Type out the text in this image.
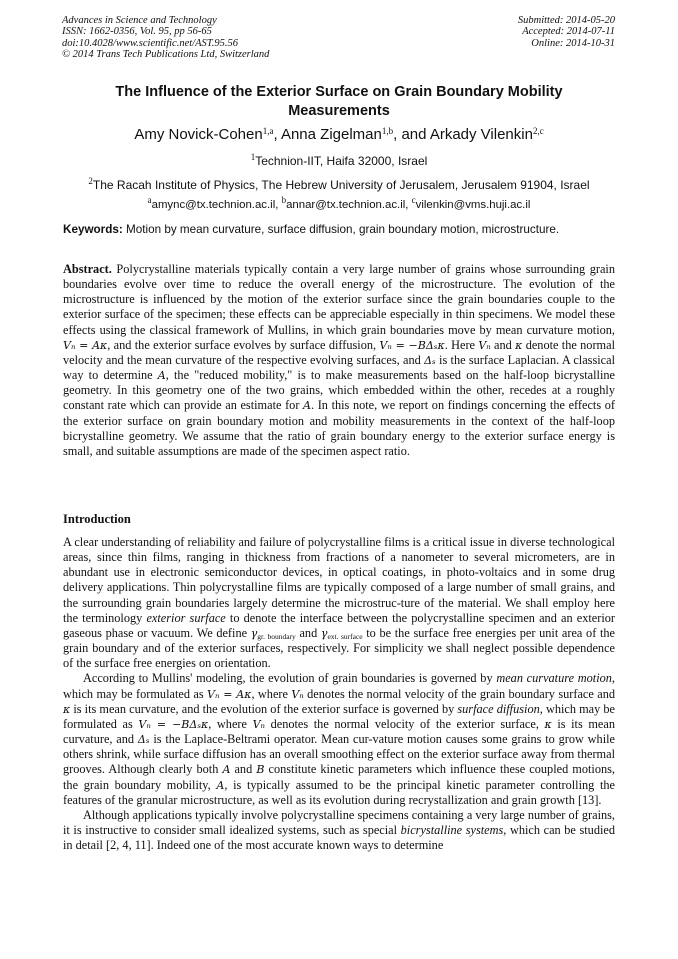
Advances in Science and Technology
ISSN: 1662-0356, Vol. 95, pp 56-65
doi:10.4028/www.scientific.net/AST.95.56
© 2014 Trans Tech Publications Ltd, Switzerland
Submitted: 2014-05-20
Accepted: 2014-07-11
Online: 2014-10-31
The Influence of the Exterior Surface on Grain Boundary Mobility
Measurements
Amy Novick-Cohen$^{1,a}$, Anna Zigelman$^{1,b}$, and Arkady Vilenkin$^{2,c}$
$^1$Technion-IIT, Haifa 32000, Israel
$^2$The Racah Institute of Physics, The Hebrew University of Jerusalem, Jerusalem 91904, Israel
$^a$amync@tx.technion.ac.il, $^b$annar@tx.technion.ac.il, $^c$vilenkin@vms.huji.ac.il
Keywords: Motion by mean curvature, surface diffusion, grain boundary motion, microstructure.

Abstract. Polycrystalline materials typically contain a very large number of grains whose surrounding grain boundaries evolve over time to reduce the overall energy of the microstructure. The evolution of the microstructure is influenced by the motion of the exterior surface since the grain boundaries couple to the exterior surface of the specimen; these effects can be appreciable especially in thin specimens. We model these effects using the classical framework of Mullins, in which grain boundaries move by mean curvature motion, Vₙ = Aκ, and the exterior surface evolves by surface diffusion, Vₙ = −BΔₛκ. Here Vₙ and κ denote the normal velocity and the mean curvature of the respective evolving surfaces, and Δₛ is the surface Laplacian. A classical way to determine A, the "reduced mobility," is to make measurements based on the half-loop bicrystalline geometry. In this geometry one of the two grains, which embedded within the other, recedes at a roughly constant rate which can provide an estimate for A. In this note, we report on findings concerning the effects of the exterior surface on grain boundary motion and mobility measurements in the context of the half-loop bicrystalline geometry. We assume that the ratio of grain boundary energy to the exterior surface energy is small, and suitable assumptions are made of the specimen aspect ratio.

Introduction

A clear understanding of reliability and failure of polycrystalline films is a critical issue in diverse technological areas, since thin films, ranging in thickness from fractions of a nanometer to several micrometers, are in abundant use in electronic semiconductor devices, in optical coatings, in photo-voltaics and in some drug delivery applications. Thin polycrystalline films are typically composed of a large number of small grains, and the surrounding grain boundaries largely determine the microstruc-ture of the material. We shall employ here the terminology exterior surface to denote the interface between the polycrystalline specimen and an exterior gaseous phase or vacuum. We define $\gamma_{gr. boundary}$ and $\gamma_{ext. surface}$ to be the surface free energies per unit area of the grain boundary and of the exterior surfaces, respectively. For simplicity we shall neglect possible dependence of the surface free energies on orientation.

According to Mullins' modeling, the evolution of grain boundaries is governed by mean curvature motion, which may be formulated as Vₙ = Aκ, where Vₙ denotes the normal velocity of the grain boundary surface and κ is its mean curvature, and the evolution of the exterior surface is governed by surface diffusion, which may be formulated as Vₙ = −BΔₛκ, where Vₙ denotes the normal velocity of the exterior surface, κ is its mean curvature, and Δₛ is the Laplace-Beltrami operator. Mean cur-vature motion causes some grains to grow while others shrink, while surface diffusion has an overall smoothing effect on the exterior surface away from thermal grooves. Although clearly both A and B constitute kinetic parameters which influence these coupled motions, the grain boundary mobility, A, is typically assumed to be the principal kinetic parameter controlling the features of the granular microstructure, as well as its evolution during recrystallization and grain growth [13].

Although applications typically involve polycrystalline specimens containing a very large number of grains, it is instructive to consider small idealized systems, such as special bicrystalline systems, which can be studied in detail [2, 4, 11]. Indeed one of the most accurate known ways to determine
